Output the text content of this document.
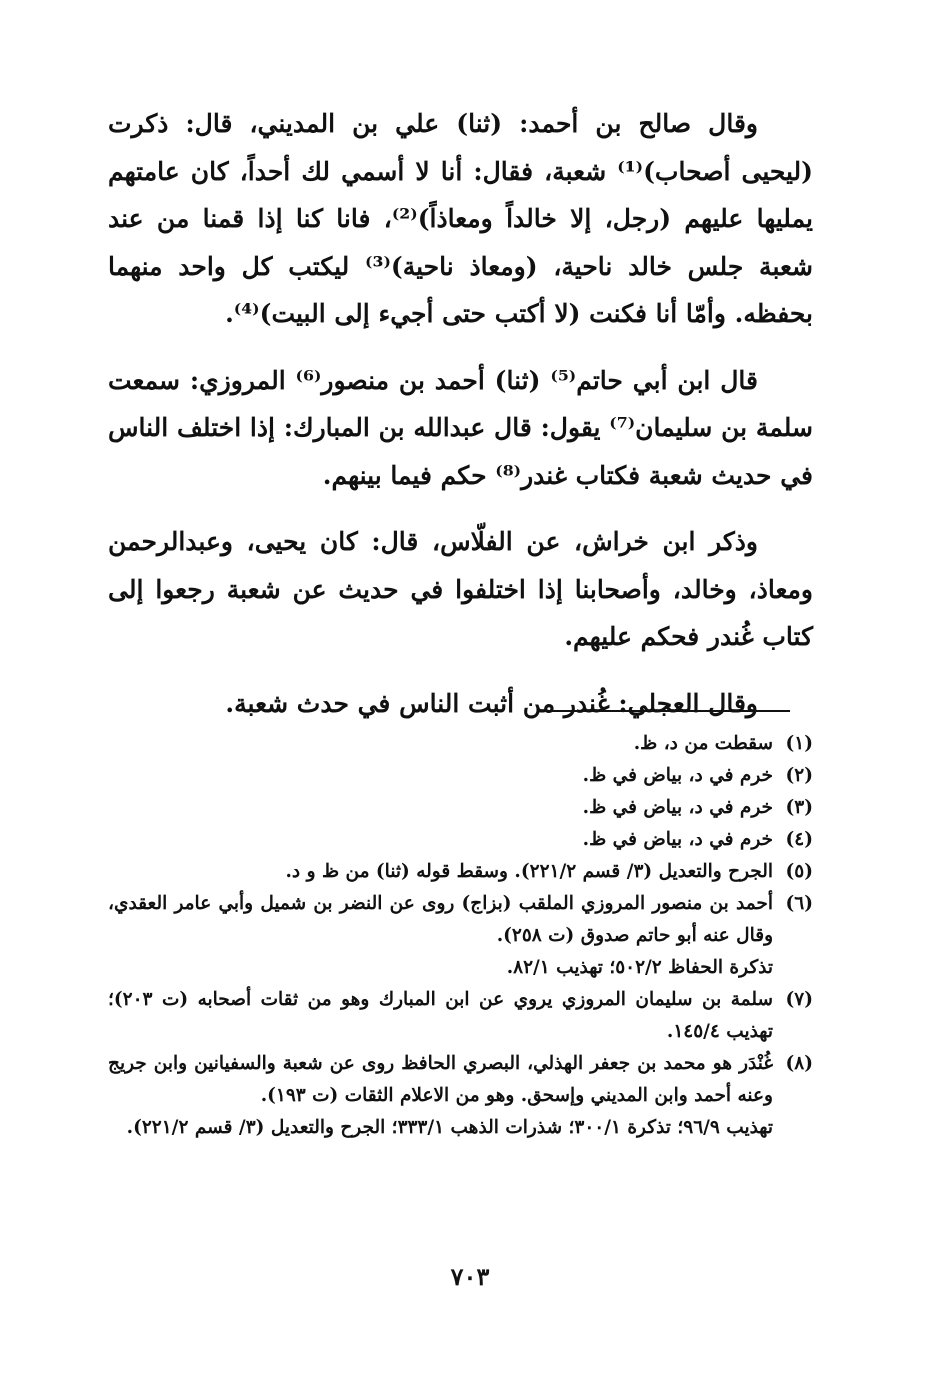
وقال صالح بن أحمد: (ثنا) علي بن المديني، قال: ذكرت (ليحيى أصحاب)⁽¹⁾ شعبة، فقال: أنا لا أسمي لك أحداً، كان عامتهم يمليها عليهم (رجل، إلا خالداً ومعاذاً)⁽²⁾، فانا كنا إذا قمنا من عند شعبة جلس خالد ناحية، (ومعاذ ناحية)⁽³⁾ ليكتب كل واحد منهما بحفظه. وأمّا أنا فكنت (لا أكتب حتى أجيء إلى البيت)⁽⁴⁾.

قال ابن أبي حاتم⁽⁵⁾ (ثنا) أحمد بن منصور⁽⁶⁾ المروزي: سمعت سلمة بن سليمان⁽⁷⁾ يقول: قال عبدالله بن المبارك: إذا اختلف الناس في حديث شعبة فكتاب غندر⁽⁸⁾ حكم فيما بينهم.

وذكر ابن خراش، عن الفلّاس، قال: كان يحيى، وعبدالرحمن ومعاذ، وخالد، وأصحابنا إذا اختلفوا في حديث عن شعبة رجعوا إلى كتاب غُندر فحكم عليهم.

وقال العجلي: غُندر من أثبت الناس في حدث شعبة.

(١)
سقطت من د، ظ.
(٢)
خرم في د، بياض في ظ.
(٣)
خرم في د، بياض في ظ.
(٤)
خرم في د، بياض في ظ.
(٥)
الجرح والتعديل (٣/ قسم ٢٢١/٢). وسقط قوله (ثنا) من ظ و د.
(٦)
أحمد بن منصور المروزي الملقب (بزاج) روى عن النضر بن شميل وأبي عامر العقدي، وقال عنه أبو حاتم صدوق (ت ٢٥٨).
تذكرة الحفاظ ٥٠٢/٢؛ تهذيب ٨٢/١.
(٧)
سلمة بن سليمان المروزي يروي عن ابن المبارك وهو من ثقات أصحابه (ت ٢٠٣)؛ تهذيب ١٤٥/٤.
(٨)
غُنْدَر هو محمد بن جعفر الهذلي، البصري الحافظ روى عن شعبة والسفيانين وابن جريج وعنه أحمد وابن المديني وإسحق. وهو من الاعلام الثقات (ت ١٩٣).
تهذيب ٩٦/٩؛ تذكرة ٣٠٠/١؛ شذرات الذهب ٣٣٣/١؛ الجرح والتعديل (٣/ قسم ٢٢١/٢).
٧٠٣
